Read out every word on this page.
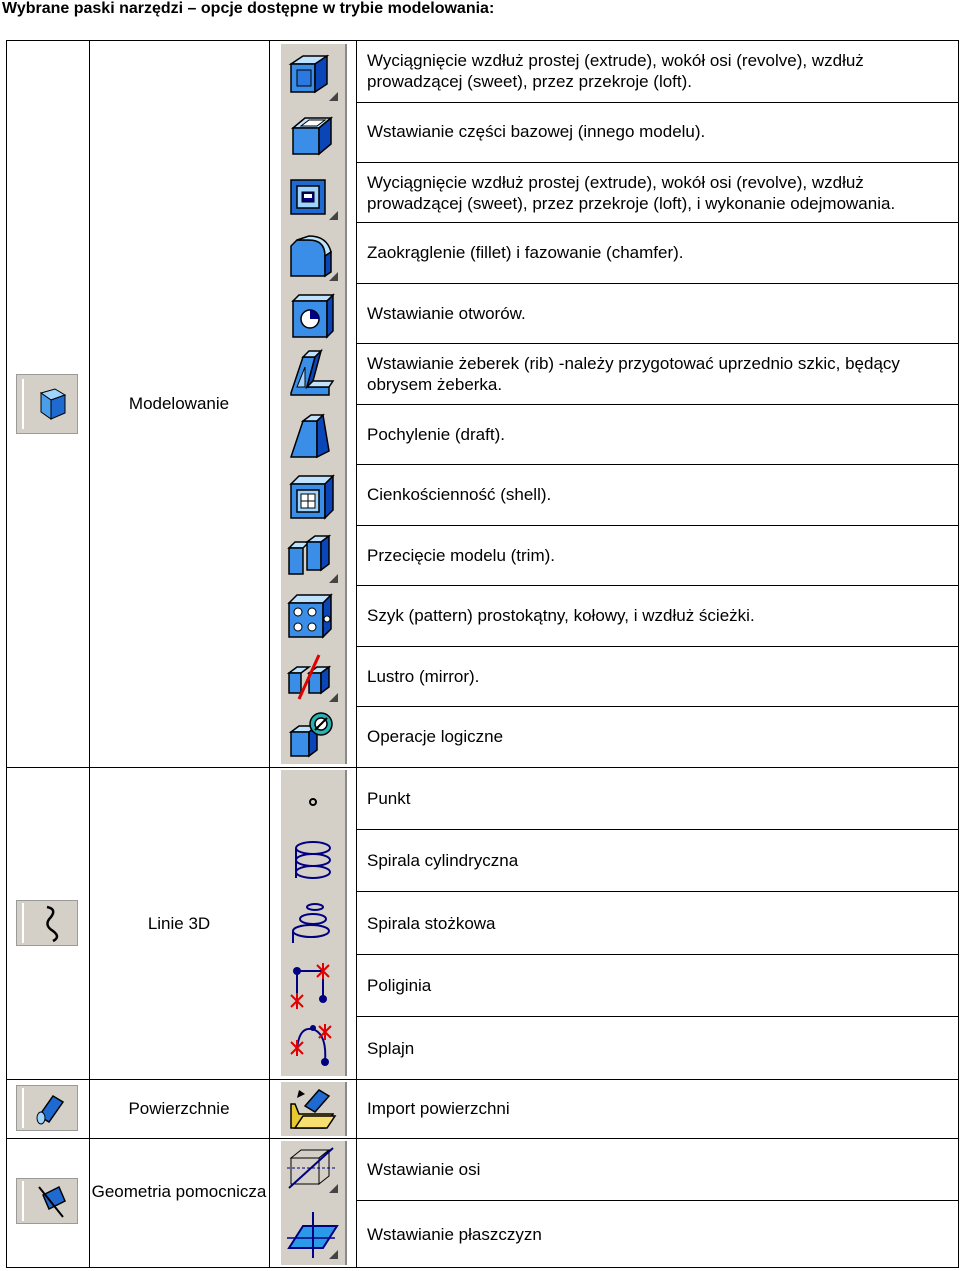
Wybrane paski narzędzi – opcje dostępne w trybie modelowania:
Modelowanie
Wyciągnięcie wzdłuż prostej (extrude), wokół osi (revolve), wzdłuż prowadzącej (sweet), przez przekroje (loft).
Wstawianie części bazowej (innego modelu).
Wyciągnięcie wzdłuż prostej (extrude), wokół osi (revolve), wzdłuż prowadzącej (sweet), przez przekroje (loft), i wykonanie odejmowania.
Zaokrąglenie (fillet) i fazowanie (chamfer).
Wstawianie otworów.
Wstawianie żeberek (rib) -należy przygotować uprzednio szkic, będący obrysem żeberka.
Pochylenie (draft).
Cienkościenność (shell).
Przecięcie modelu (trim).
Szyk (pattern) prostokątny, kołowy, i wzdłuż ścieżki.
Lustro (mirror).
Operacje logiczne
Linie 3D
Punkt
Spirala cylindryczna
Spirala stożkowa
Poliginia
Splajn
Powierzchnie	Import powierzchni
Geometria pomocnicza
Wstawianie osi
Wstawianie płaszczyzn
